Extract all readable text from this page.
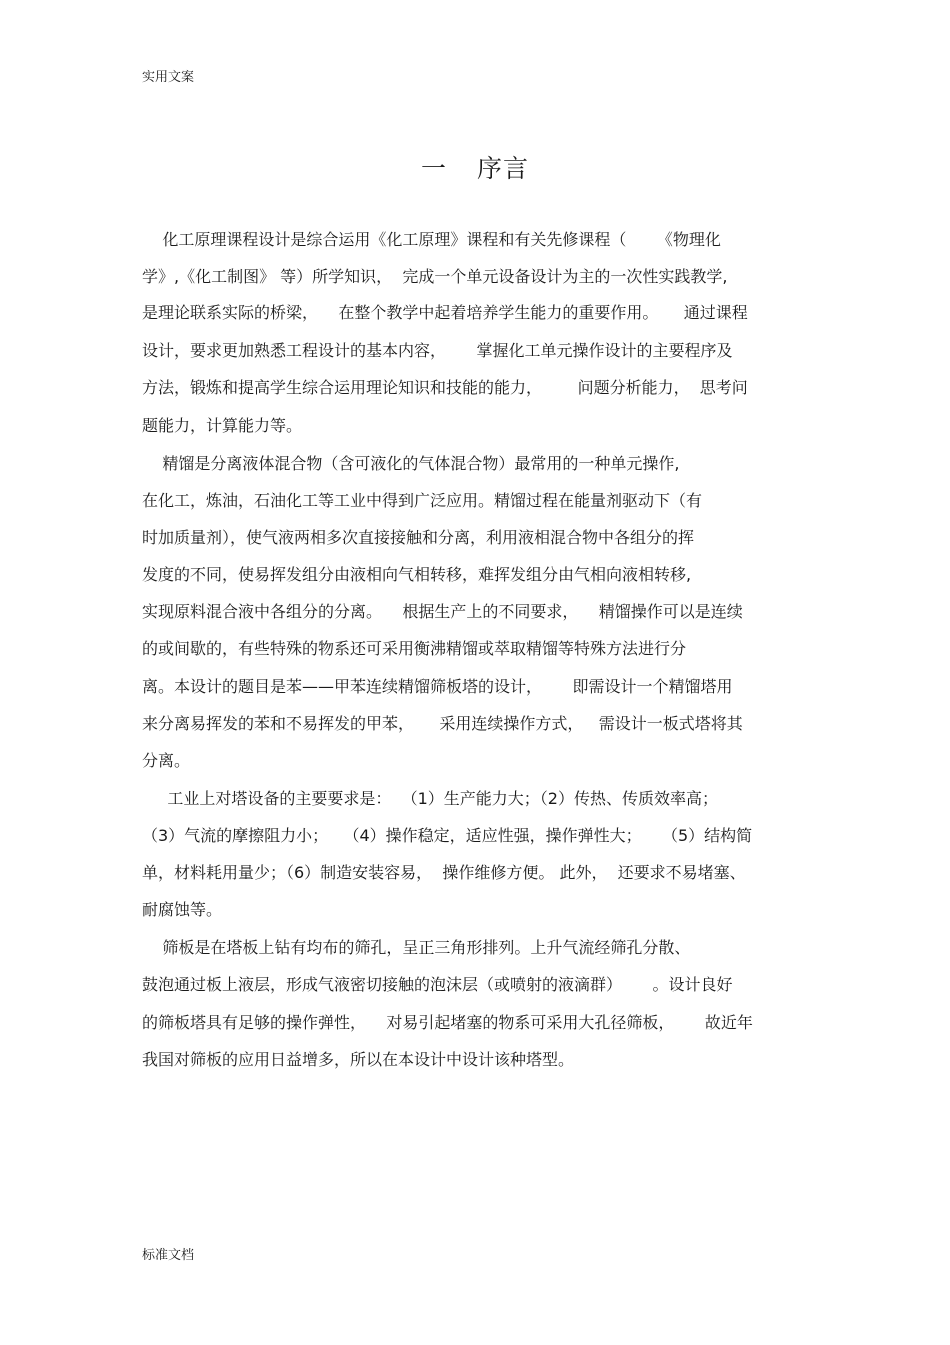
实用文案
一 序言
化工原理课程设计是综合运用《化工原理》课程和有关先修课程（      《物理化
学》,《化工制图》 等）所学知识，  完成一个单元设备设计为主的一次性实践教学,
是理论联系实际的桥梁，    在整个教学中起着培养学生能力的重要作用。     通过课程
设计，要求更加熟悉工程设计的基本内容，      掌握化工单元操作设计的主要程序及
方法，锻炼和提高学生综合运用理论知识和技能的能力，       问题分析能力，  思考问
题能力，计算能力等。
精馏是分离液体混合物（含可液化的气体混合物）最常用的一种单元操作,
在化工，炼油，石油化工等工业中得到广泛应用。精馏过程在能量剂驱动下（有
时加质量剂），使气液两相多次直接接触和分离，利用液相混合物中各组分的挥
发度的不同，使易挥发组分由液相向气相转移，难挥发组分由气相向液相转移,
实现原料混合液中各组分的分离。    根据生产上的不同要求，    精馏操作可以是连续
的或间歇的，有些特殊的物系还可采用衡沸精馏或萃取精馏等特殊方法进行分
离。本设计的题目是苯——甲苯连续精馏筛板塔的设计，      即需设计一个精馏塔用
来分离易挥发的苯和不易挥发的甲苯，     采用连续操作方式，   需设计一板式塔将其
分离。
工业上对塔设备的主要要求是：  （1）生产能力大；（2）传热、传质效率高；
（3）气流的摩擦阻力小；   （4）操作稳定，适应性强，操作弹性大；    （5）结构简
单，材料耗用量少；（6）制造安装容易，  操作维修方便。 此外，  还要求不易堵塞、
耐腐蚀等。
筛板是在塔板上钻有均布的筛孔，呈正三角形排列。上升气流经筛孔分散、
鼓泡通过板上液层，形成气液密切接触的泡沫层（或喷射的液滴群）      。设计良好
的筛板塔具有足够的操作弹性，    对易引起堵塞的物系可采用大孔径筛板，      故近年
我国对筛板的应用日益增多，所以在本设计中设计该种塔型。
标准文档
